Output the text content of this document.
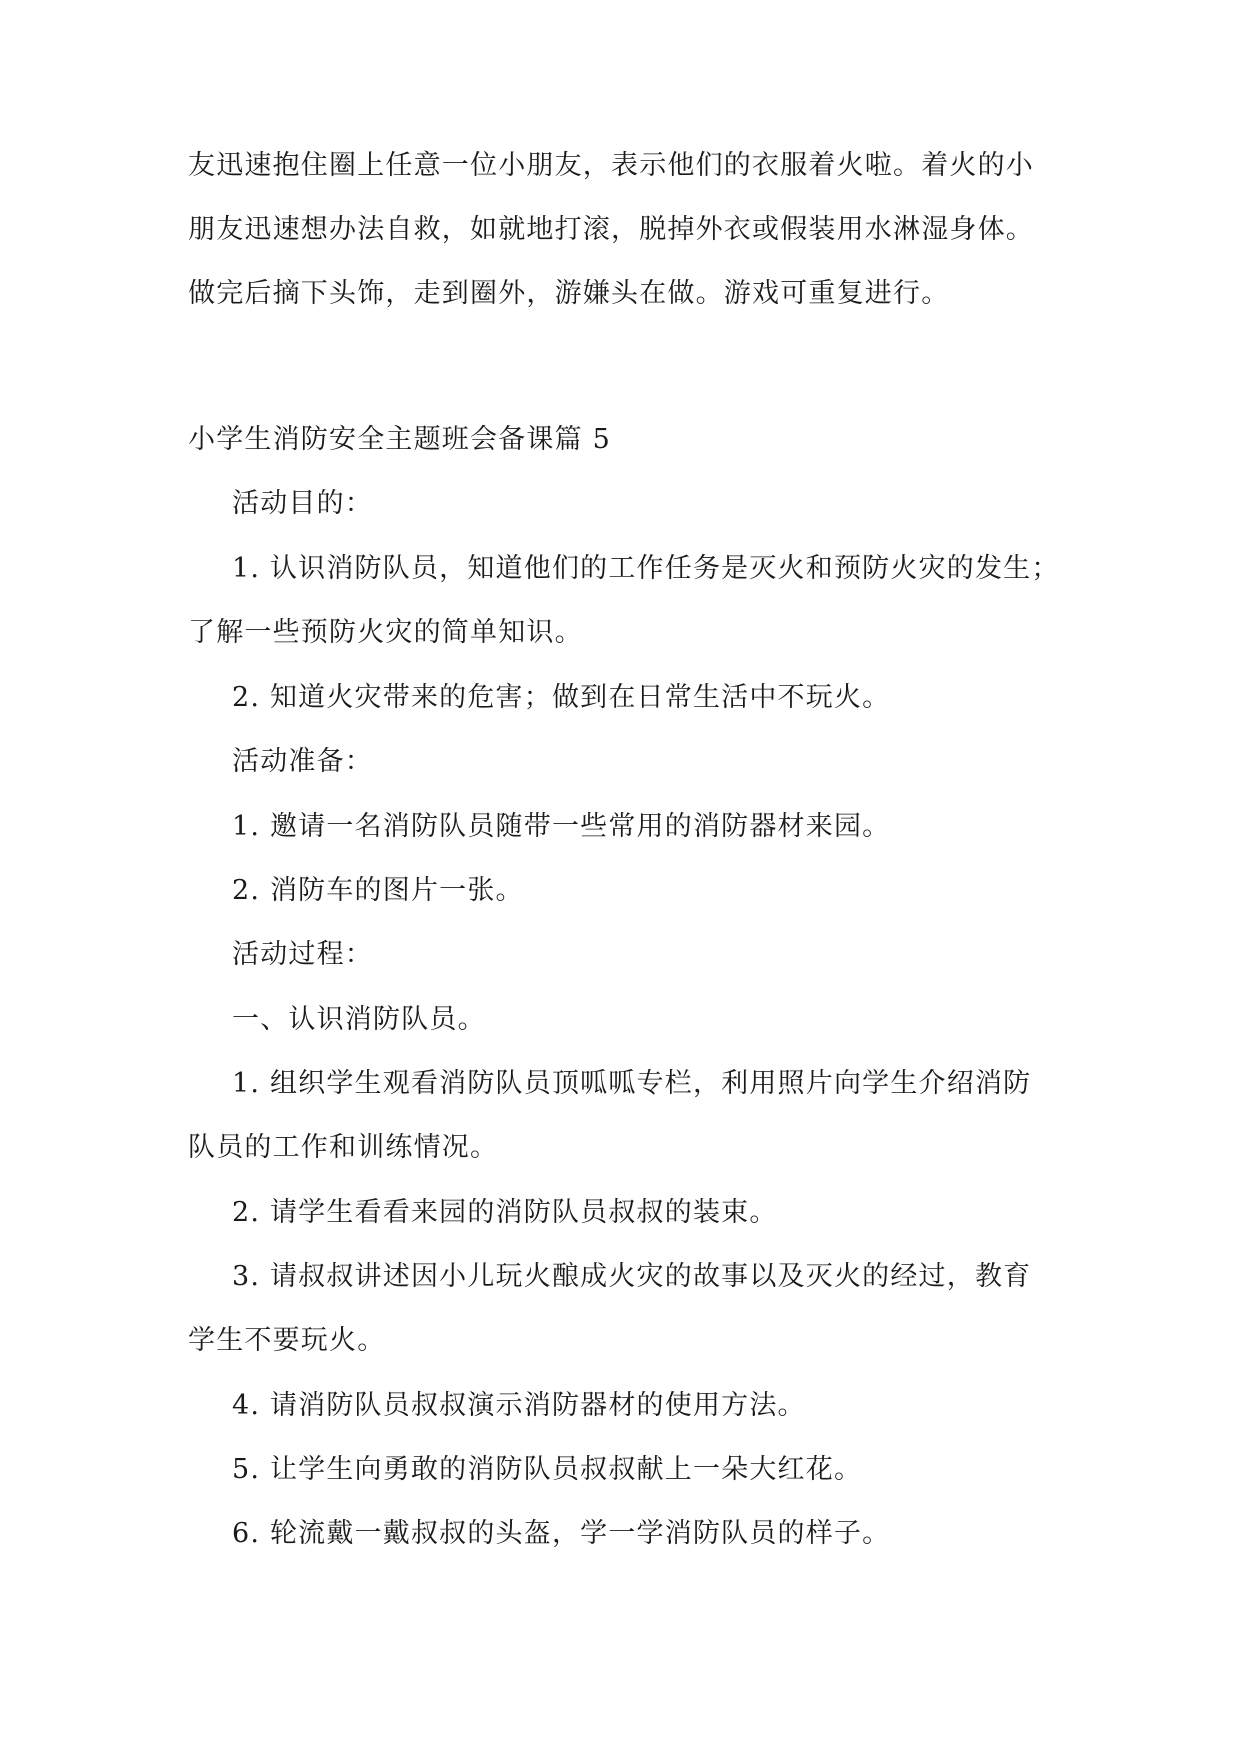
友迅速抱住圈上任意一位小朋友，表示他们的衣服着火啦。着火的小
朋友迅速想办法自救，如就地打滚，脱掉外衣或假装用水淋湿身体。
做完后摘下头饰，走到圈外，游嫌头在做。游戏可重复进行。
小学生消防安全主题班会备课篇 5
活动目的：
1. 认识消防队员，知道他们的工作任务是灭火和预防火灾的发生；
了解一些预防火灾的简单知识。
2. 知道火灾带来的危害；做到在日常生活中不玩火。
活动准备：
1. 邀请一名消防队员随带一些常用的消防器材来园。
2. 消防车的图片一张。
活动过程：
一、认识消防队员。
1. 组织学生观看消防队员顶呱呱专栏，利用照片向学生介绍消防
队员的工作和训练情况。
2. 请学生看看来园的消防队员叔叔的装束。
3. 请叔叔讲述因小儿玩火酿成火灾的故事以及灭火的经过，教育
学生不要玩火。
4. 请消防队员叔叔演示消防器材的使用方法。
5. 让学生向勇敢的消防队员叔叔献上一朵大红花。
6. 轮流戴一戴叔叔的头盔，学一学消防队员的样子。
